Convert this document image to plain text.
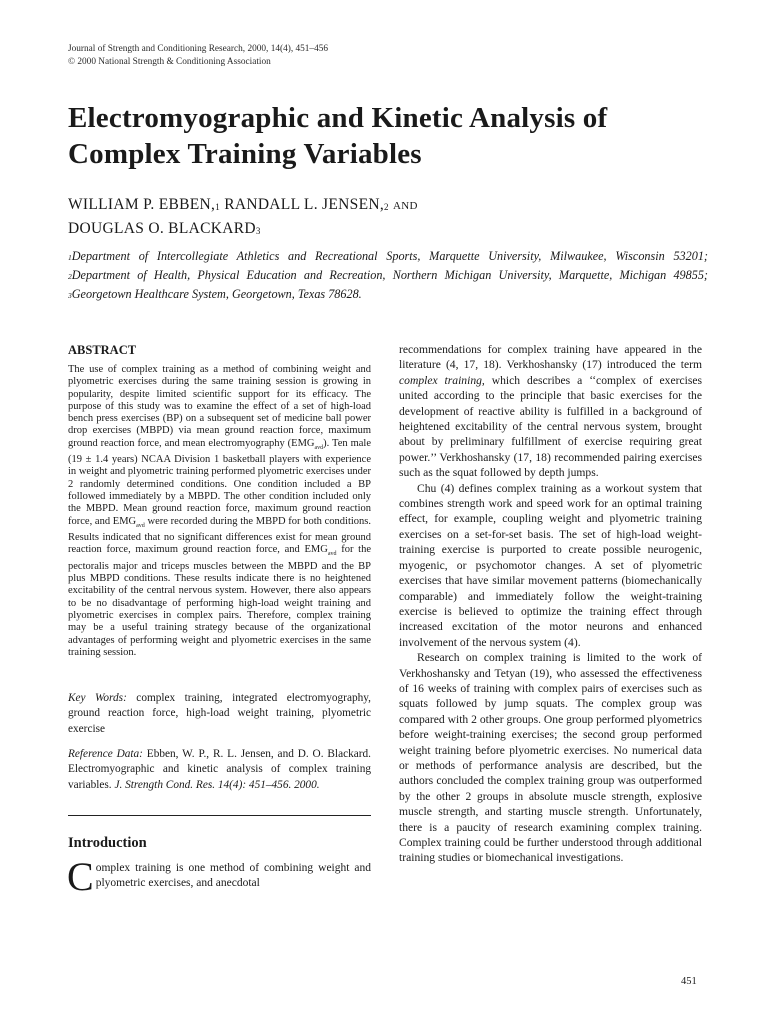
Journal of Strength and Conditioning Research, 2000, 14(4), 451–456
© 2000 National Strength & Conditioning Association
Electromyographic and Kinetic Analysis of
Complex Training Variables
WILLIAM P. EBBEN,$^1$ RANDALL L. JENSEN,$^2$ and
DOUGLAS O. BLACKARD$^3$
$^1$Department of Intercollegiate Athletics and Recreational Sports, Marquette University, Milwaukee, Wisconsin 53201; $^2$Department of Health, Physical Education and Recreation, Northern Michigan University, Marquette, Michigan 49855; $^3$Georgetown Healthcare System, Georgetown, Texas 78628.
ABSTRACT

The use of complex training as a method of combining weight and plyometric exercises during the same training session is growing in popularity, despite limited scientific support for its efficacy. The purpose of this study was to examine the effect of a set of high-load bench press exercises (BP) on a subsequent set of medicine ball power drop exercises (MBPD) via mean ground reaction force, maximum ground reaction force, and mean electromyography $(EMG_{avd})$. Ten male (19 ± 1.4 years) NCAA Division 1 basketball players with experience in weight and plyometric training performed plyometric exercises under 2 randomly determined conditions. One condition included a BP followed immediately by a MBPD. The other condition included only the MBPD. Mean ground reaction force, maximum ground reaction force, and $EMG_{avd}$ were recorded during the MBPD for both conditions. Results indicated that no significant differences exist for mean ground reaction force, maximum ground reaction force, and $EMG_{avd}$ for the pectoralis major and triceps muscles between the MBPD and the BP plus MBPD conditions. These results indicate there is no heightened excitability of the central nervous system. However, there also appears to be no disadvantage of performing high-load weight training and plyometric exercises in complex pairs. Therefore, complex training may be a useful training strategy because of the organizational advantages of performing weight and plyometric exercises in the same training session.

Key Words: complex training, integrated electromyography, ground reaction force, high-load weight training, plyometric exercise

Reference Data: Ebben, W. P., R. L. Jensen, and D. O. Blackard. Electromyographic and kinetic analysis of complex training variables. J. Strength Cond. Res. 14(4): 451–456. 2000.

Introduction

Complex training is one method of combining weight and plyometric exercises, and anecdotal

recommendations for complex training have appeared in the literature (4, 17, 18). Verkhoshansky (17) introduced the term complex training, which describes a ‘‘complex of exercises united according to the principle that basic exercises for the development of reactive ability is fulfilled in a background of heightened excitability of the central nervous system, brought about by preliminary fulfillment of exercise requiring great power.’’ Verkhoshansky (17, 18) recommended pairing exercises such as the squat followed by depth jumps.

Chu (4) defines complex training as a workout system that combines strength work and speed work for an optimal training effect, for example, coupling weight and plyometric training exercises on a set-for-set basis. The set of high-load weight-training exercise is purported to create possible neurogenic, myogenic, or psychomotor changes. A set of plyometric exercises that have similar movement patterns (biomechanically comparable) and immediately follow the weight-training exercise is believed to optimize the training effect through increased excitation of the motor neurons and enhanced involvement of the nervous system (4).

Research on complex training is limited to the work of Verkhoshansky and Tetyan (19), who assessed the effectiveness of 16 weeks of training with complex pairs of exercises such as squats followed by jump squats. The complex group was compared with 2 other groups. One group performed plyometrics before weight-training exercises; the second group performed weight training before plyometric exercises. No numerical data or methods of performance analysis are described, but the authors concluded the complex training group was outperformed by the other 2 groups in absolute muscle strength, explosive muscle strength, and starting muscle strength. Unfortunately, there is a paucity of research examining complex training. Complex training could be further understood through additional training studies or biomechanical investigations.

451
